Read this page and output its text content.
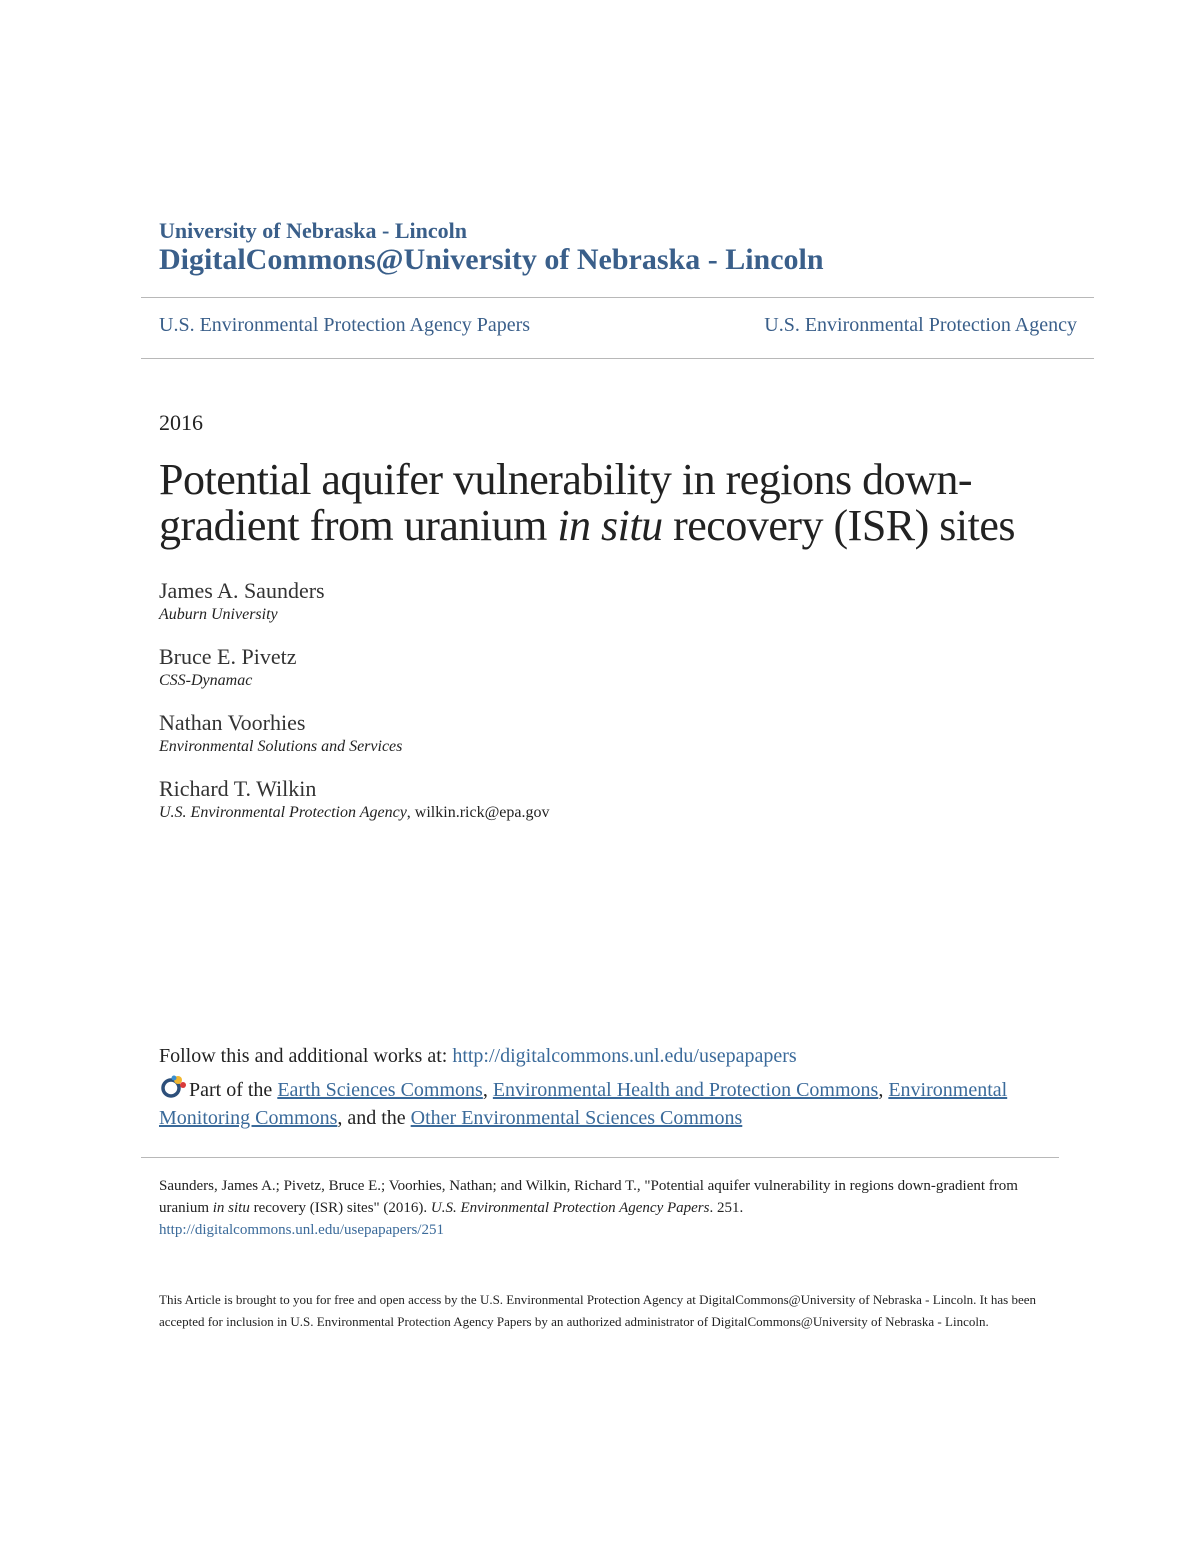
University of Nebraska - Lincoln
DigitalCommons@University of Nebraska - Lincoln
U.S. Environmental Protection Agency Papers	U.S. Environmental Protection Agency
2016
Potential aquifer vulnerability in regions down-gradient from uranium in situ recovery (ISR) sites
James A. Saunders
Auburn University
Bruce E. Pivetz
CSS-Dynamac
Nathan Voorhies
Environmental Solutions and Services
Richard T. Wilkin
U.S. Environmental Protection Agency, wilkin.rick@epa.gov
Follow this and additional works at: http://digitalcommons.unl.edu/usepapapers
Part of the Earth Sciences Commons, Environmental Health and Protection Commons, Environmental Monitoring Commons, and the Other Environmental Sciences Commons
Saunders, James A.; Pivetz, Bruce E.; Voorhies, Nathan; and Wilkin, Richard T., "Potential aquifer vulnerability in regions down-gradient from uranium in situ recovery (ISR) sites" (2016). U.S. Environmental Protection Agency Papers. 251.
http://digitalcommons.unl.edu/usepapapers/251
This Article is brought to you for free and open access by the U.S. Environmental Protection Agency at DigitalCommons@University of Nebraska - Lincoln. It has been accepted for inclusion in U.S. Environmental Protection Agency Papers by an authorized administrator of DigitalCommons@University of Nebraska - Lincoln.
